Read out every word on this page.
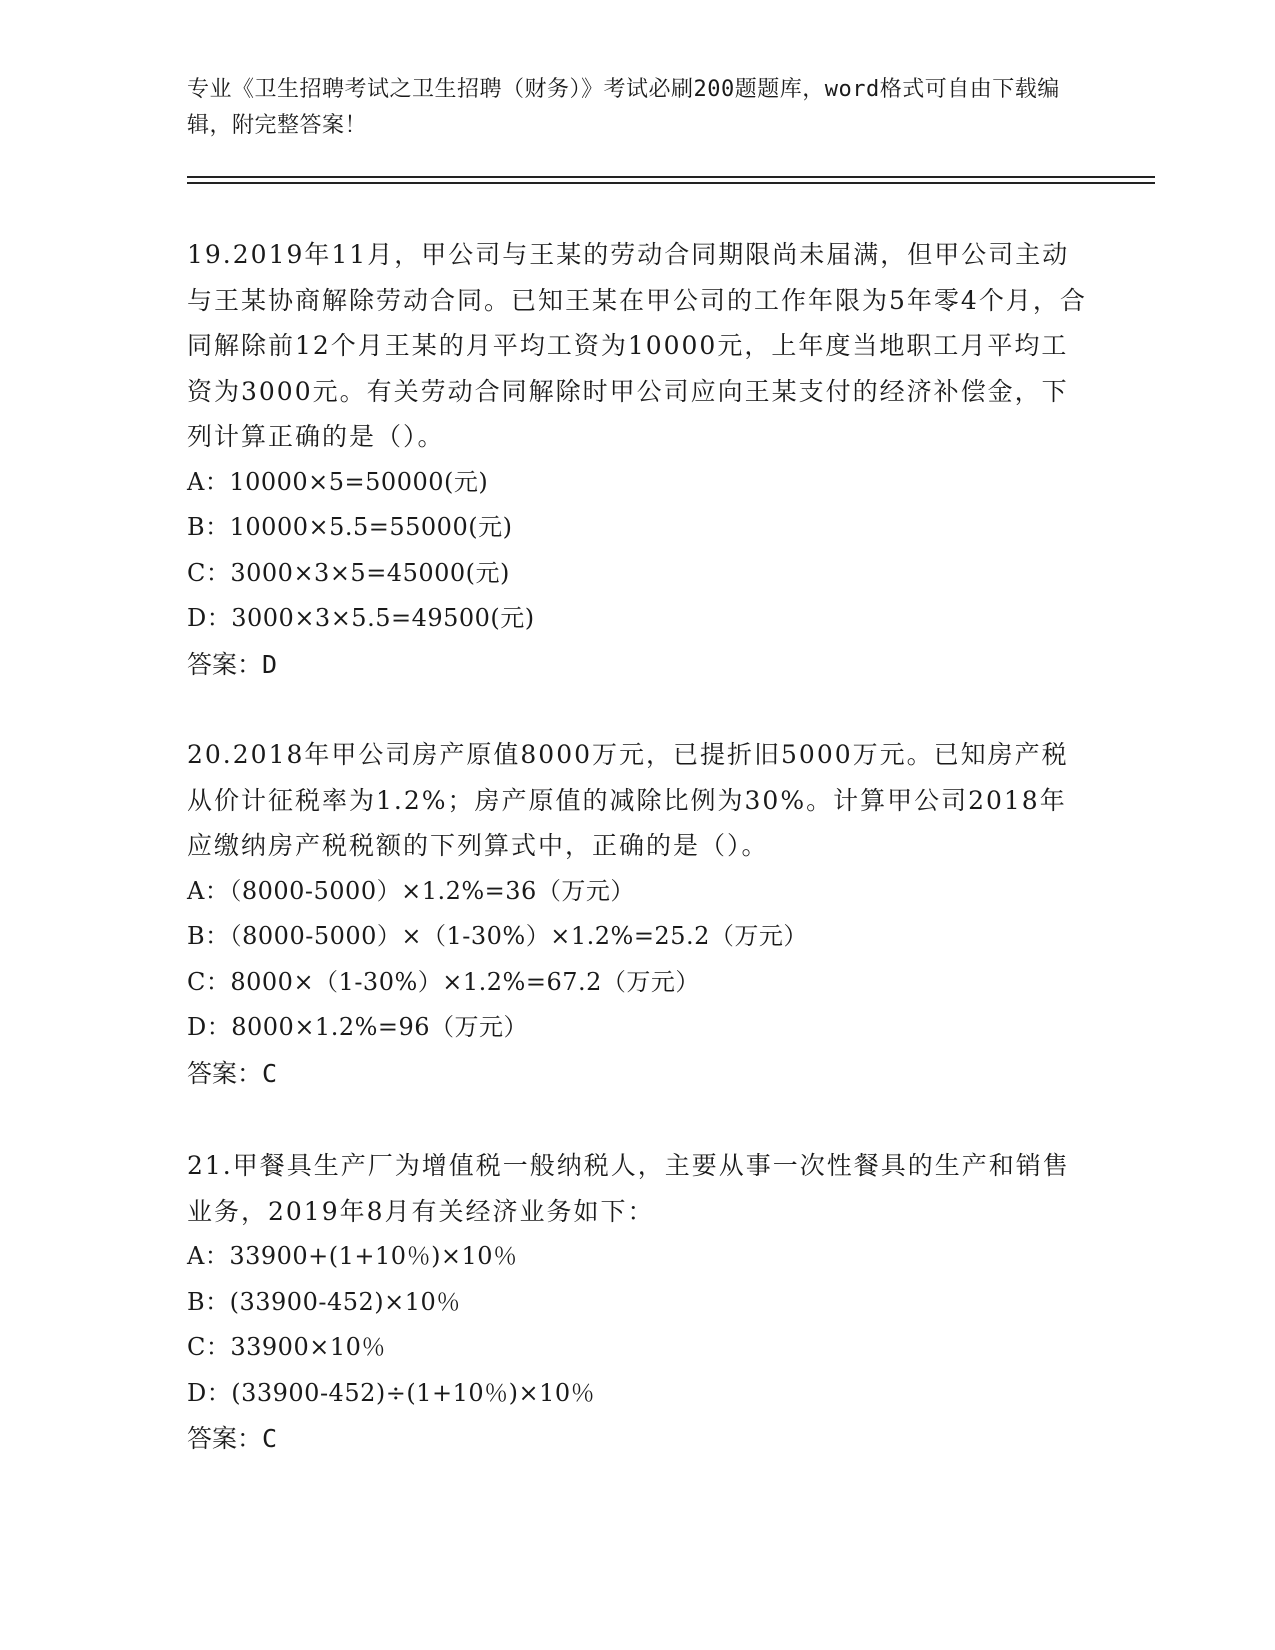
专业《卫生招聘考试之卫生招聘（财务）》考试必刷200题题库，word格式可自由下载编辑，附完整答案！

19.2019年11月，甲公司与王某的劳动合同期限尚未届满，但甲公司主动与王某协商解除劳动合同。已知王某在甲公司的工作年限为5年零4个月，合同解除前12个月王某的月平均工资为10000元，上年度当地职工月平均工资为3000元。有关劳动合同解除时甲公司应向王某支付的经济补偿金，下列计算正确的是（）。

A：10000×5=50000(元)

B：10000×5.5=55000(元)

C：3000×3×5=45000(元)

D：3000×3×5.5=49500(元)

答案：D

20.2018年甲公司房产原值8000万元，已提折旧5000万元。已知房产税从价计征税率为1.2%；房产原值的减除比例为30%。计算甲公司2018年应缴纳房产税税额的下列算式中，正确的是（）。

A：（8000-5000）×1.2%=36（万元）

B：（8000-5000）×（1-30%）×1.2%=25.2（万元）

C：8000×（1-30%）×1.2%=67.2（万元）

D：8000×1.2%=96（万元）

答案：C

21.甲餐具生产厂为增值税一般纳税人，主要从事一次性餐具的生产和销售业务，2019年8月有关经济业务如下：

A：33900+(1+10％)×10％

B：(33900-452)×10％

C：33900×10％

D：(33900-452)÷(1+10％)×10％

答案：C
